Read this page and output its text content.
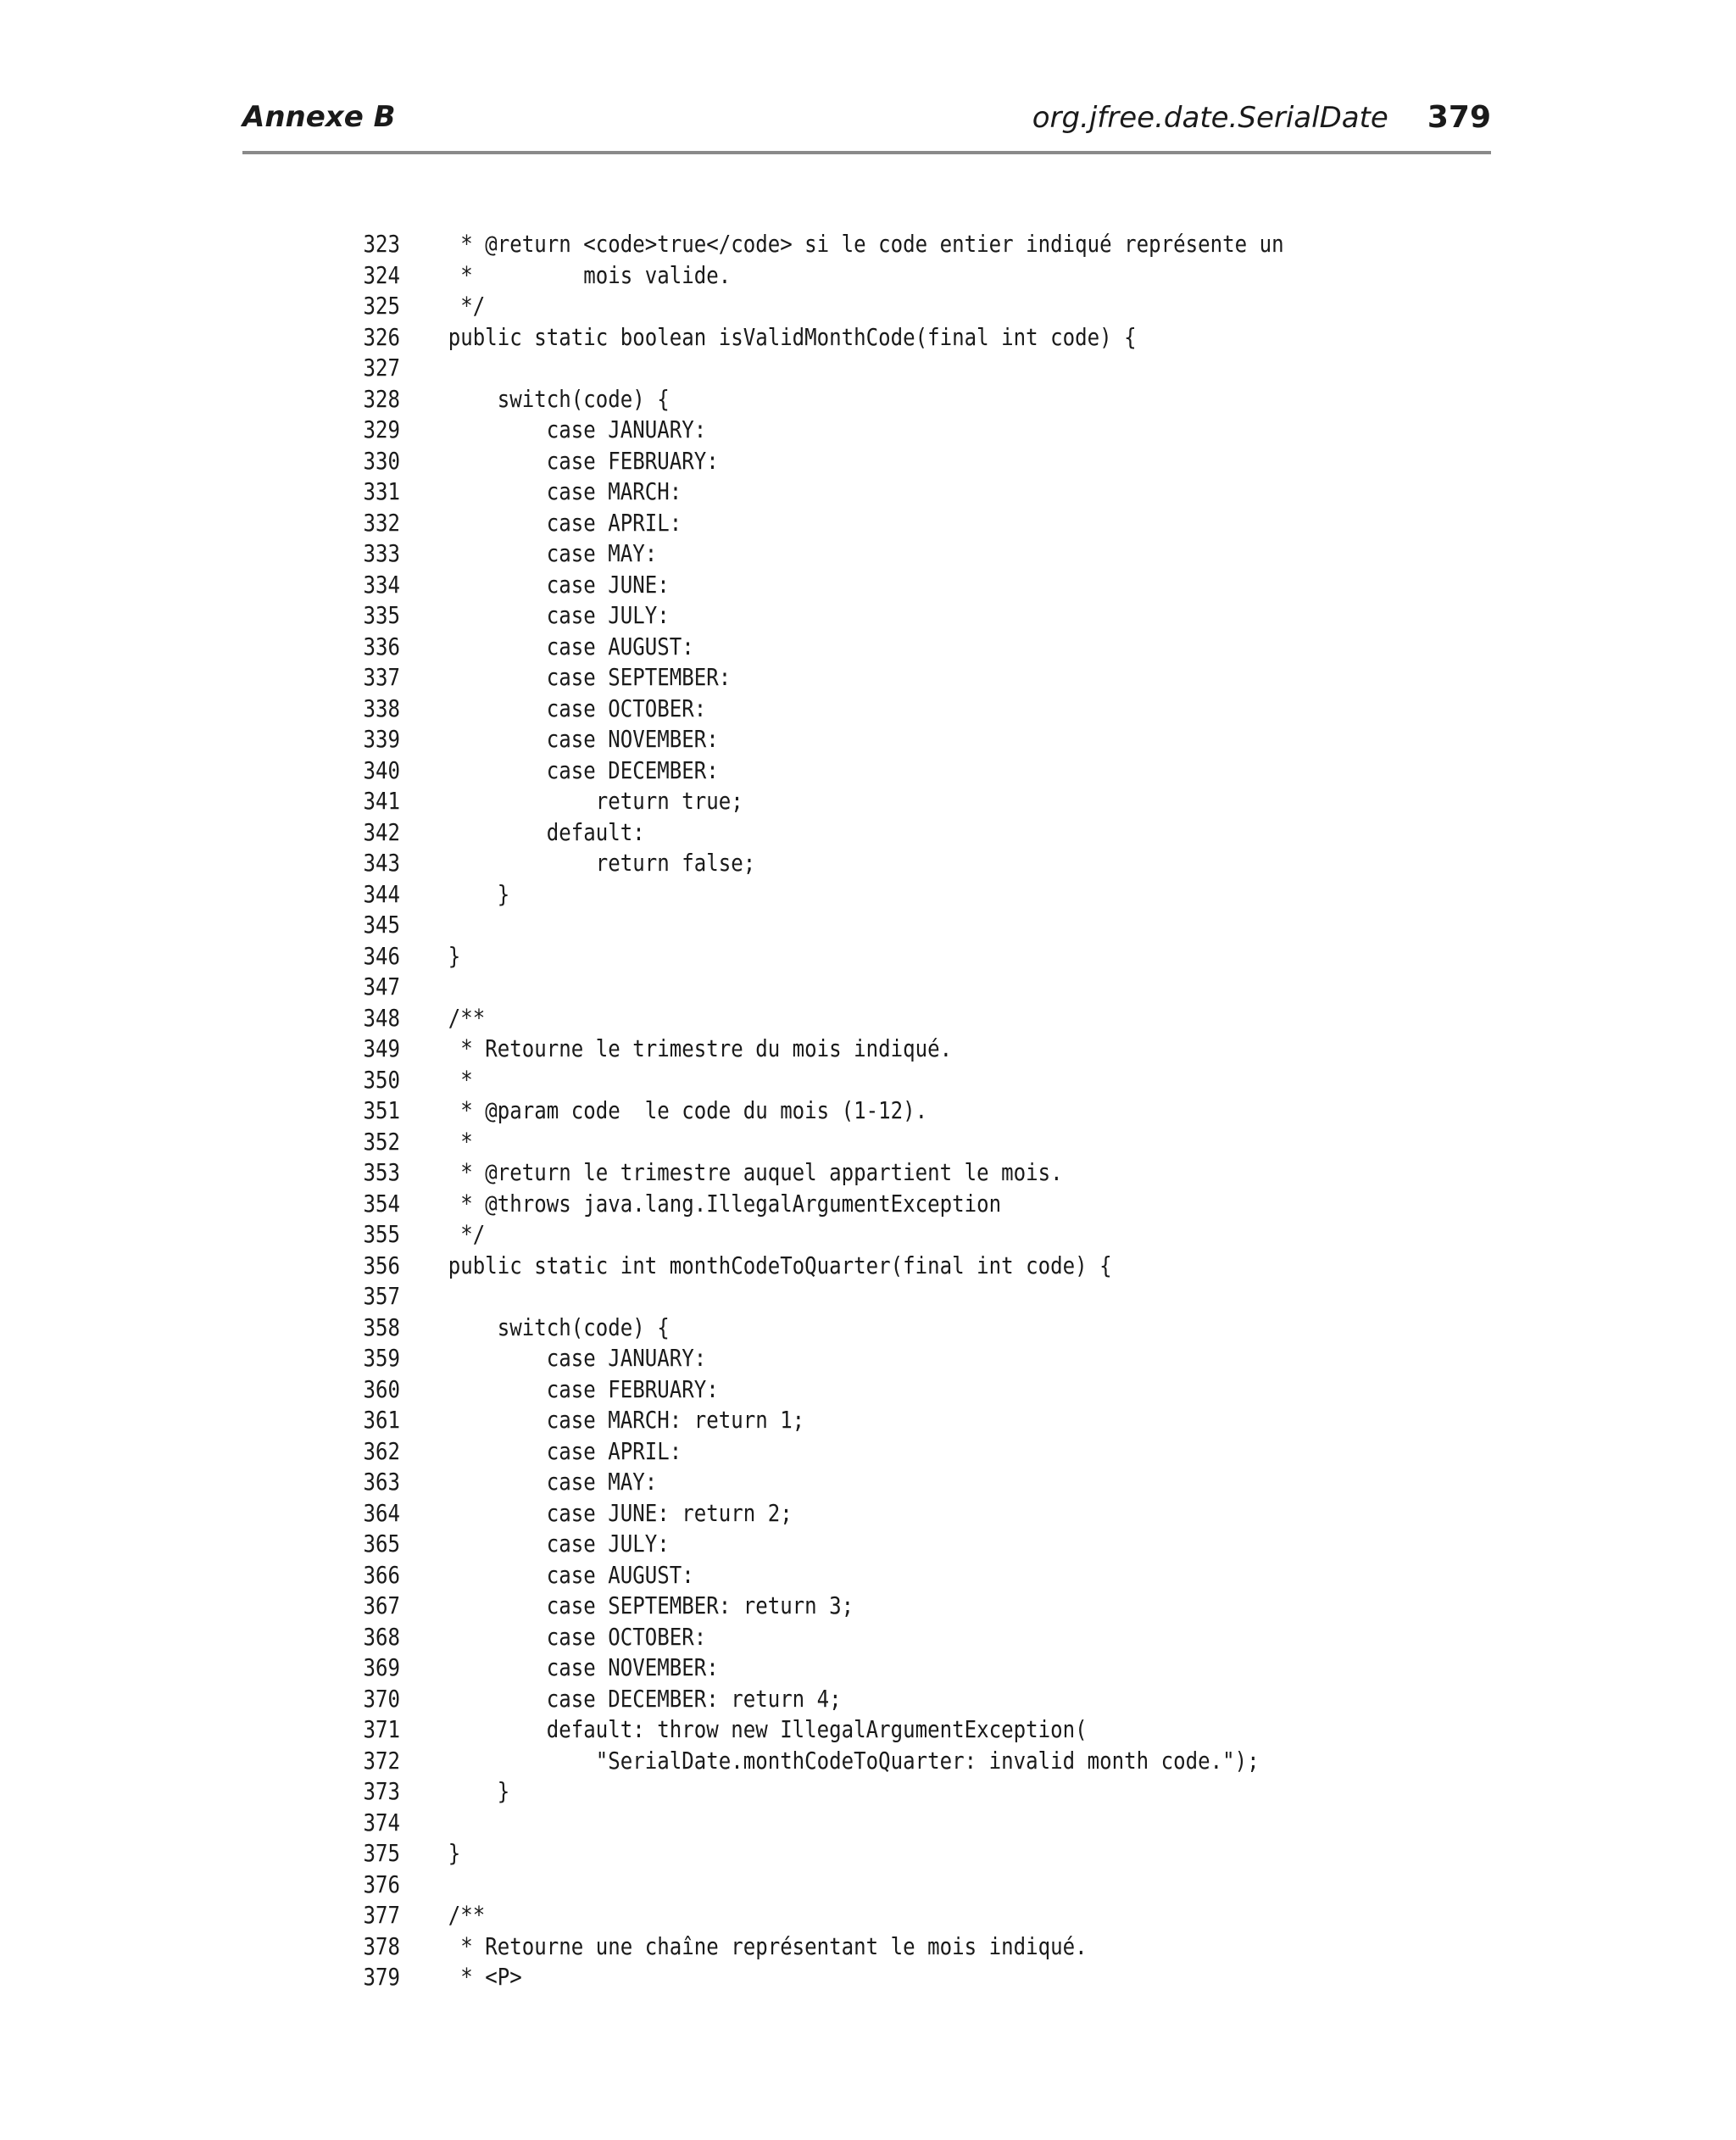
Annexe B	org.jfree.date.SerialDate 379
323	* @return <code>true</code> si le code entier indiqué représente un
324	*         mois valide.
325	*/
326	public static boolean isValidMonthCode(final int code) {
327
328	switch(code) {
329	case JANUARY:
330	case FEBRUARY:
331	case MARCH:
332	case APRIL:
333	case MAY:
334	case JUNE:
335	case JULY:
336	case AUGUST:
337	case SEPTEMBER:
338	case OCTOBER:
339	case NOVEMBER:
340	case DECEMBER:
341	return true;
342	default:
343	return false;
344	}
345
346	}
347
348	/**
349	* Retourne le trimestre du mois indiqué.
350	*
351	* @param code  le code du mois (1-12).
352	*
353	* @return le trimestre auquel appartient le mois.
354	* @throws java.lang.IllegalArgumentException
355	*/
356	public static int monthCodeToQuarter(final int code) {
357
358	switch(code) {
359	case JANUARY:
360	case FEBRUARY:
361	case MARCH: return 1;
362	case APRIL:
363	case MAY:
364	case JUNE: return 2;
365	case JULY:
366	case AUGUST:
367	case SEPTEMBER: return 3;
368	case OCTOBER:
369	case NOVEMBER:
370	case DECEMBER: return 4;
371	default: throw new IllegalArgumentException(
372	"SerialDate.monthCodeToQuarter: invalid month code.");
373	}
374
375	}
376
377	/**
378	* Retourne une chaîne représentant le mois indiqué.
379	* <P>
